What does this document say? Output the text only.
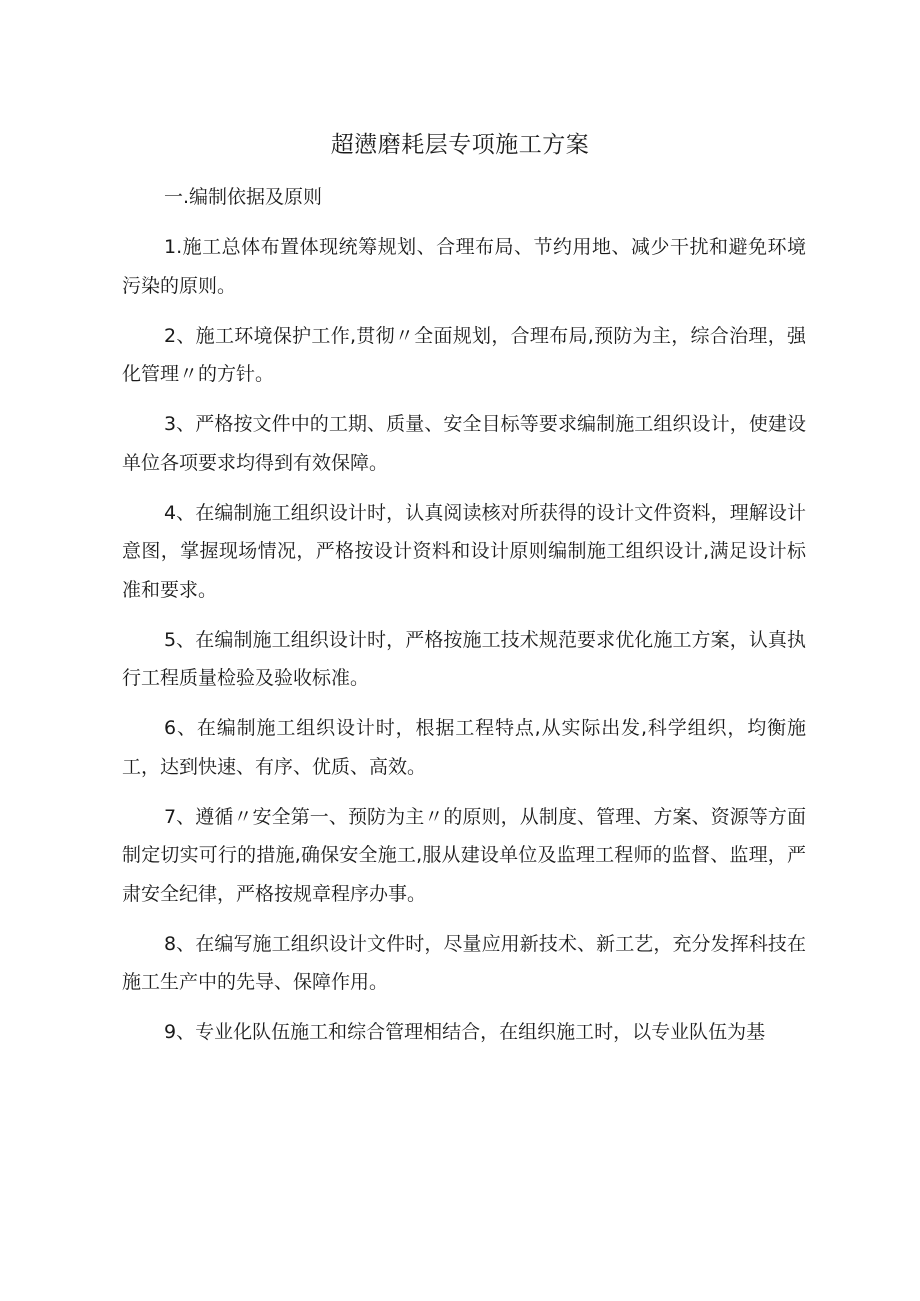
超懑磨耗层专项施工方案

一.编制依据及原则

1.施工总体布置体现统筹规划、合理布局、节约用地、减少干扰和避免环境污染的原则。

2、施工环境保护工作,贯彻〃全面规划，合理布局,预防为主，综合治理，强化管理〃的方针。

3、严格按文件中的工期、质量、安全目标等要求编制施工组织设计，使建设单位各项要求均得到有效保障。

4、在编制施工组织设计时，认真阅读核对所获得的设计文件资料，理解设计意图，掌握现场情况，严格按设计资料和设计原则编制施工组织设计,满足设计标准和要求。

5、在编制施工组织设计时，严格按施工技术规范要求优化施工方案，认真执行工程质量检验及验收标准。

6、在编制施工组织设计时，根据工程特点,从实际出发,科学组织，均衡施工，达到快速、有序、优质、高效。

7、遵循〃安全第一、预防为主〃的原则，从制度、管理、方案、资源等方面制定切实可行的措施,确保安全施工,服从建设单位及监理工程师的监督、监理，严肃安全纪律，严格按规章程序办事。

8、在编写施工组织设计文件时，尽量应用新技术、新工艺，充分发挥科技在施工生产中的先导、保障作用。

9、专业化队伍施工和综合管理相结合，在组织施工时，以专业队伍为基
